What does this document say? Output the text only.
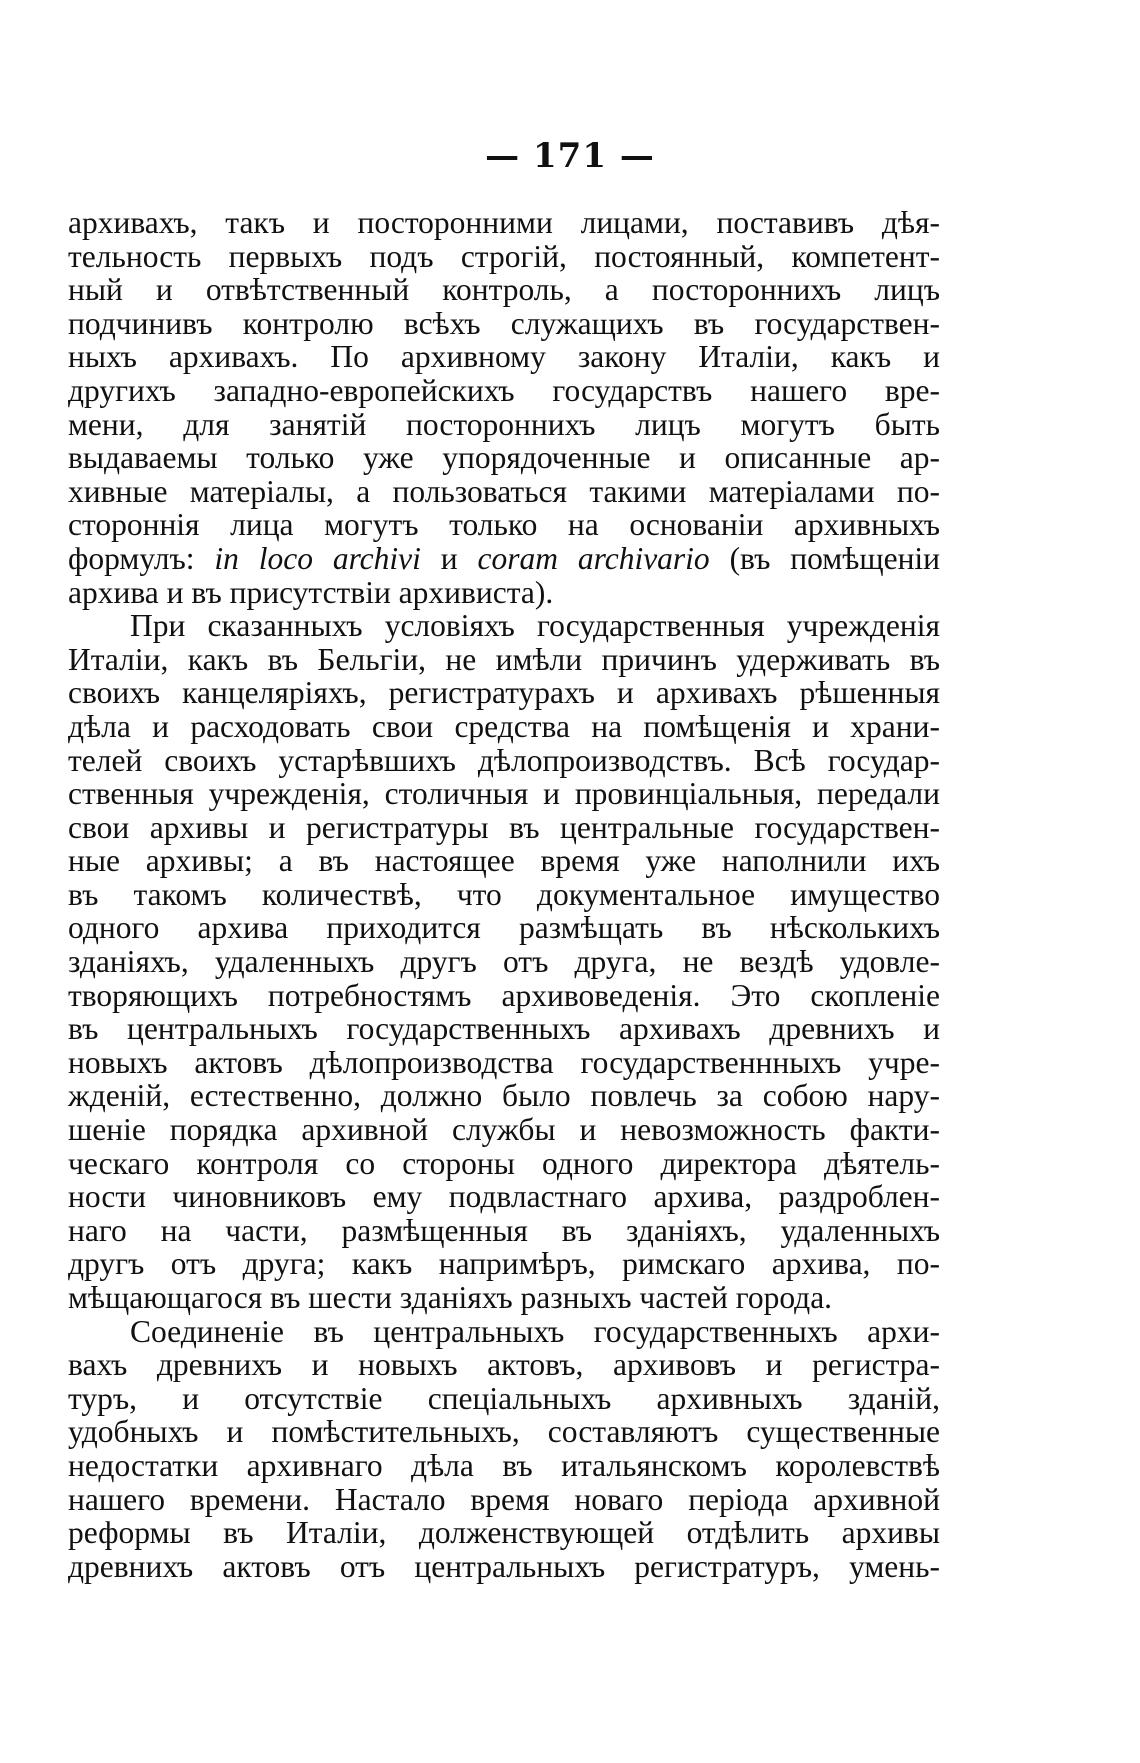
— 171 —
архивахъ, такъ и посторонними лицами, поставивъ дѣя-
тельность первыхъ подъ строгій, постоянный, компетент-
ный и отвѣтственный контроль, а постороннихъ лицъ
подчинивъ контролю всѣхъ служащихъ въ государствен-
ныхъ архивахъ. По архивному закону Италіи, какъ и
другихъ западно-европейскихъ государствъ нашего вре-
мени, для занятій постороннихъ лицъ могутъ быть
выдаваемы только уже упорядоченные и описанные ар-
хивные матеріалы, а пользоваться такими матеріалами по-
стороннія лица могутъ только на основаніи архивныхъ
формулъ: in loco archivi и coram archivario (въ помѣщеніи
архива и въ присутствіи архивиста).
При сказанныхъ условіяхъ государственныя учрежденія
Италіи, какъ въ Бельгіи, не имѣли причинъ удерживать въ
своихъ канцеляріяхъ, регистратурахъ и архивахъ рѣшенныя
дѣла и расходовать свои средства на помѣщенія и храни-
телей своихъ устарѣвшихъ дѣлопроизводствъ. Всѣ государ-
ственныя учрежденія, столичныя и провинціальныя, передали
свои архивы и регистратуры въ центральные государствен-
ные архивы; а въ настоящее время уже наполнили ихъ
въ такомъ количествѣ, что документальное имущество
одного архива приходится размѣщать въ нѣсколькихъ
зданіяхъ, удаленныхъ другъ отъ друга, не вездѣ удовле-
творяющихъ потребностямъ архивоведенія. Это скопленіе
въ центральныхъ государственныхъ архивахъ древнихъ и
новыхъ актовъ дѣлопроизводства государственнныхъ учре-
жденій, естественно, должно было повлечь за собою нару-
шеніе порядка архивной службы и невозможность факти-
ческаго контроля со стороны одного директора дѣятель-
ности чиновниковъ ему подвластнаго архива, раздроблен-
наго на части, размѣщенныя въ зданіяхъ, удаленныхъ
другъ отъ друга; какъ напримѣръ, римскаго архива, по-
мѣщающагося въ шести зданіяхъ разныхъ частей города.
Соединеніе въ центральныхъ государственныхъ архи-
вахъ древнихъ и новыхъ актовъ, архивовъ и регистра-
туръ, и отсутствіе спеціальныхъ архивныхъ зданій,
удобныхъ и помѣстительныхъ, составляютъ существенные
недостатки архивнаго дѣла въ итальянскомъ королевствѣ
нашего времени. Настало время новаго періода архивной
реформы въ Италіи, долженствующей отдѣлить архивы
древнихъ актовъ отъ центральныхъ регистратуръ, умень-
